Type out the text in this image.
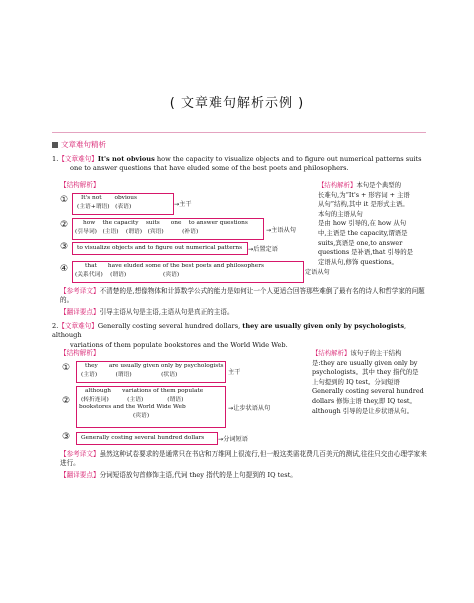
( 文章难句解析示例 )
文章难句精析
1.【文章难句】It's not obvious how the capacity to visualize objects and to figure out numerical patterns suits
one to answer questions that have eluded some of the best poets and philosophers.
【结构解析】
①	It's not       obvious
(主语+谓语)   (表语)	→主干
②	how    the capacity    suits      one    to answer questions
(引导词)   (主语)    (谓语)   (宾语)          (补语)	→主语从句
③	to visualize objects and to figure out numerical patterns →后置定语
④	that      have eluded some of the best poets and philosophers
(关系代词)    (谓语)                    (宾语)	定语从句
【结构解析】本句是个典型的
长难句,为“It's + 形容词 + 主语
从句”结构,其中 it 是形式主语。
本句的主语从句
是由 how 引导的,在 how 从句
中,主语是 the capacity,谓语是
suits,宾语是 one,to answer
questions 是补语,that 引导的是
定语从句,修饰 questions。
【参考译文】不清楚的是,想像物体和计算数学公式的能力是如何让一个人更适合回答那些难倒了最有名的诗人和哲学家的问题的。
【翻译要点】引导主语从句是主语,主语从句是真正的主语。
2.【文章难句】Generally costing several hundred dollars, they are usually given only by psychologists, although
variations of them populate bookstores and the World Wide Web.
【结构解析】
①	they      are usually given only by psychologists
(主语)          (谓语)                (状语)	主干
②
although      variations of them populate
(转折连词)          (主语)             (谓语)
bookstores and the World Wide Web
(宾语)
→让步状语从句
③	Generally costing several hundred dollars	→分词短语
【结构解析】该句子的主干结构
是:they are usually given only by
psychologists。其中 they 指代的是
上句提到的 IQ test。分词短语
Generally costing several hundred
dollars 修饰主语 they,即 IQ test。
although 引导的是让步状语从句。
【参考译文】虽然这种试卷要求的是通常只在书店和万维网上很流行,但一般这类需花费几百美元的测试,往往只交由心理学家来进行。
【翻译要点】分词短语放句首修饰主语,代词 they 指代的是上句提到的 IQ test。
